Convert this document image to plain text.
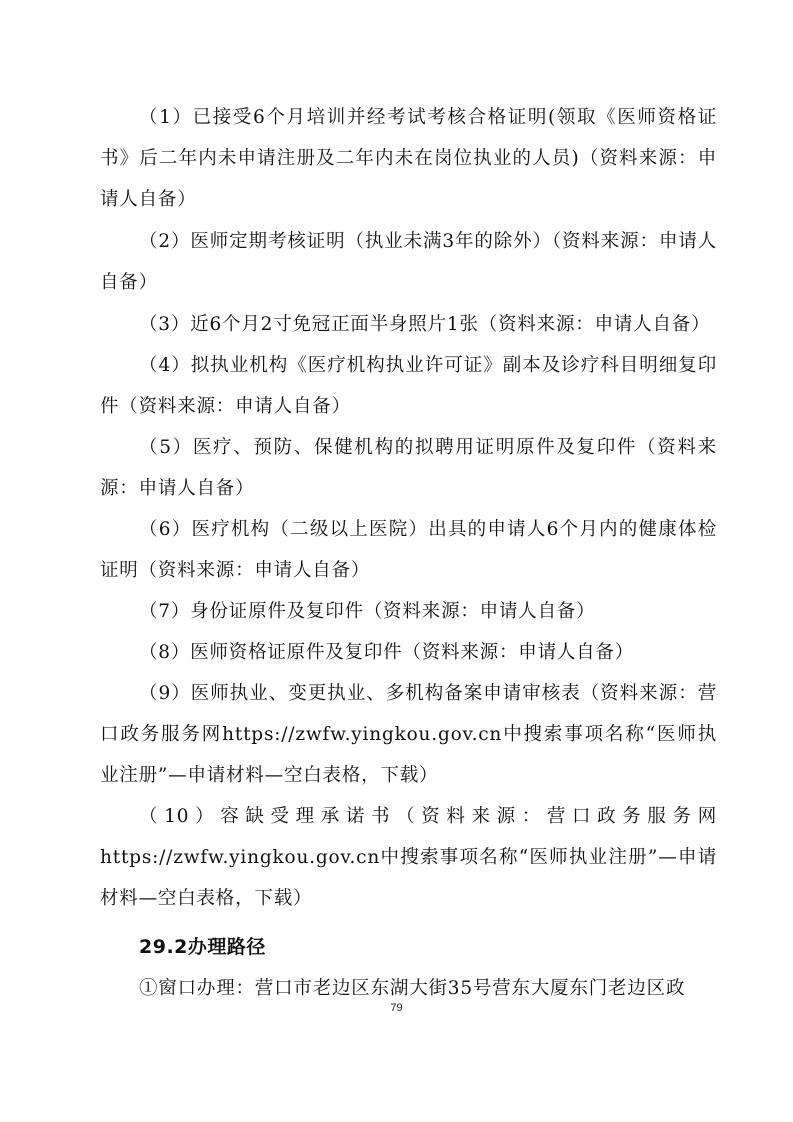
（1）已接受6个月培训并经考试考核合格证明(领取《医师资格证书》后二年内未申请注册及二年内未在岗位执业的人员)（资料来源：申请人自备）

（2）医师定期考核证明（执业未满3年的除外）（资料来源：申请人自备）

（3）近6个月2寸免冠正面半身照片1张（资料来源：申请人自备）

（4）拟执业机构《医疗机构执业许可证》副本及诊疗科目明细复印件（资料来源：申请人自备）

（5）医疗、预防、保健机构的拟聘用证明原件及复印件（资料来源：申请人自备）

（6）医疗机构（二级以上医院）出具的申请人6个月内的健康体检证明（资料来源：申请人自备）

（7）身份证原件及复印件（资料来源：申请人自备）

（8）医师资格证原件及复印件（资料来源：申请人自备）

（9）医师执业、变更执业、多机构备案申请审核表（资料来源：营口政务服务网https://zwfw.yingkou.gov.cn中搜索事项名称“医师执业注册”—申请材料—空白表格，下载）

（10）容缺受理承诺书（资料来源：营口政务服务网https://zwfw.yingkou.gov.cn中搜索事项名称“医师执业注册”—申请材料—空白表格，下载）

29.2办理路径

①窗口办理：营口市老边区东湖大街35号营东大厦东门老边区政

79
